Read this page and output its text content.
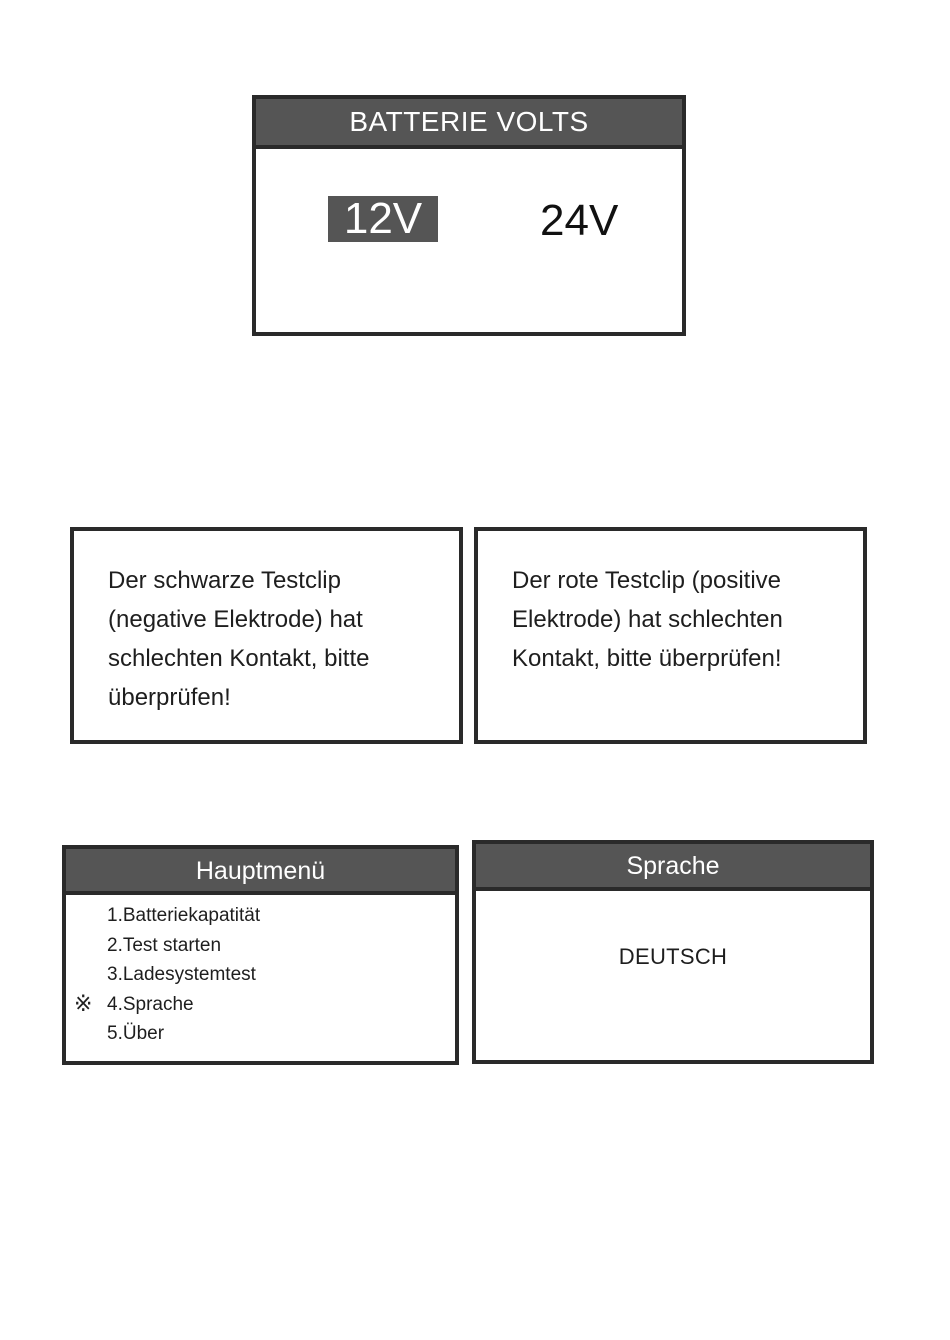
BATTERIE VOLTS
12V	24V
Der schwarze Testclip
(negative Elektrode) hat
schlechten Kontakt, bitte
überprüfen!
Der rote Testclip (positive
Elektrode) hat schlechten
Kontakt, bitte überprüfen!
Hauptmenü
1.Batteriekapatität
2.Test starten
3.Ladesystemtest
※ 4.Sprache
5.Über
Sprache
DEUTSCH
